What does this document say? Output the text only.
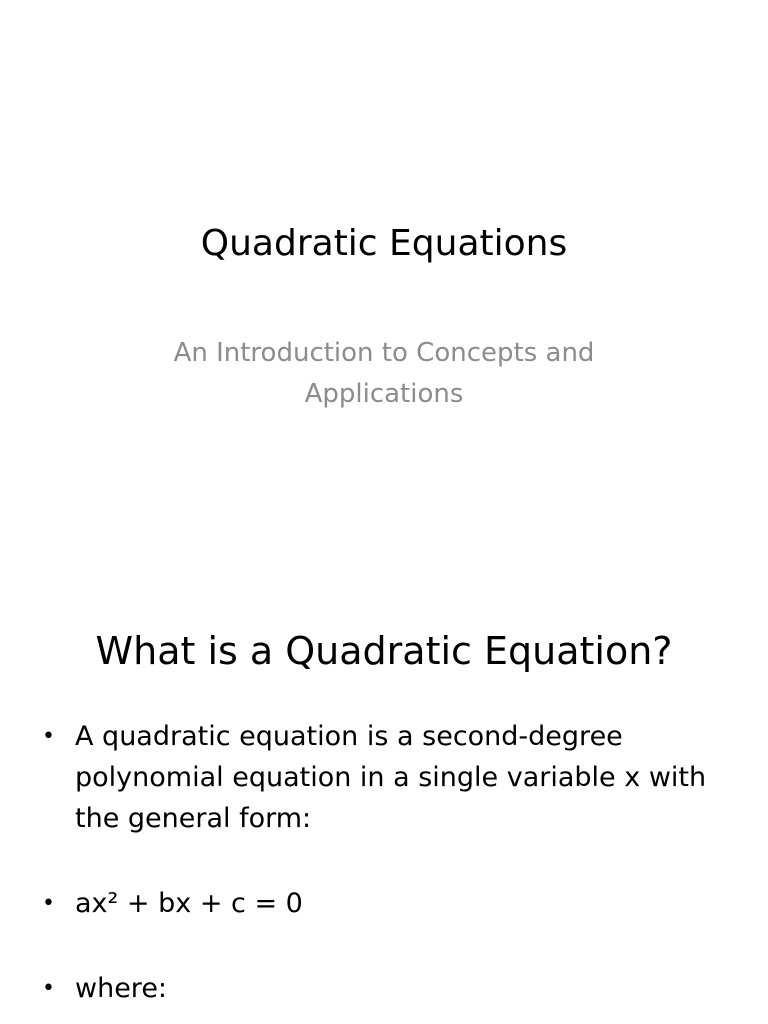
Quadratic Equations
An Introduction to Concepts and Applications
What is a Quadratic Equation?
• A quadratic equation is a second-degree polynomial equation in a single variable x with the general form:
• ax² + bx + c = 0
• where:
